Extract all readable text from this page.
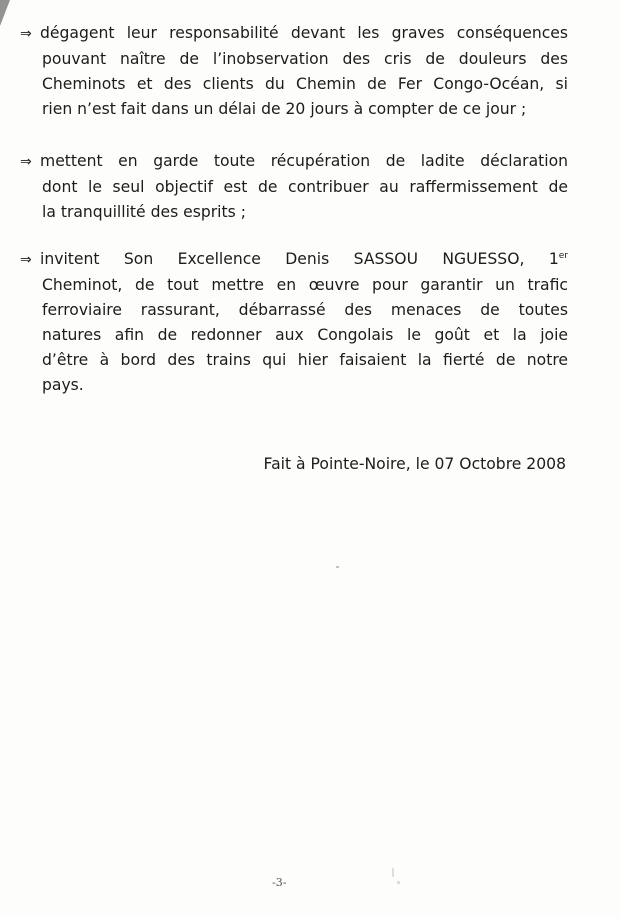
⇒ dégagent leur responsabilité devant les graves conséquences
pouvant naître de l’inobservation des cris de douleurs des
Cheminots et des clients du Chemin de Fer Congo-Océan, si
rien n’est fait dans un délai de 20 jours à compter de ce jour ;
⇒ mettent en garde toute récupération de ladite déclaration
dont le seul objectif est de contribuer au raffermissement de
la tranquillité des esprits ;
⇒ invitent Son Excellence Denis SASSOU NGUESSO, 1er
Cheminot, de tout mettre en œuvre pour garantir un trafic
ferroviaire rassurant, débarrassé des menaces de toutes
natures afin de redonner aux Congolais le goût et la joie
d’être à bord des trains qui hier faisaient la fierté de notre
pays.

Fait à Pointe-Noire, le 07 Octobre 2008

-3-
